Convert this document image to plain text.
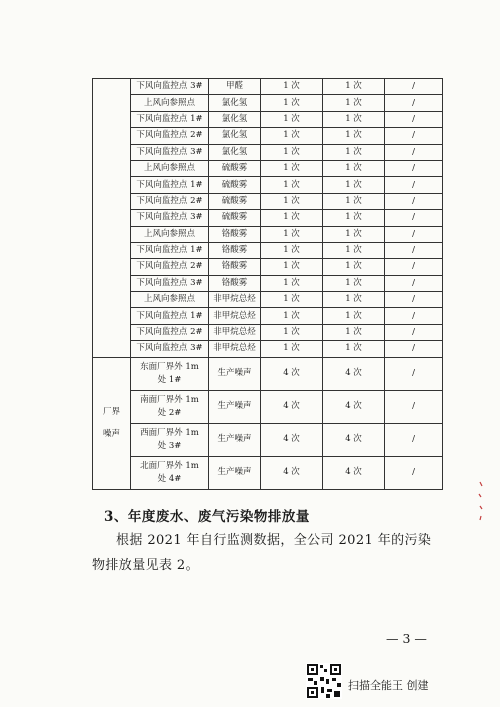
	下风向监控点 3#	甲醛	1 次	1 次	/
	上风向参照点	氯化氢	1 次	1 次	/
	下风向监控点 1#	氯化氢	1 次	1 次	/
	下风向监控点 2#	氯化氢	1 次	1 次	/
	下风向监控点 3#	氯化氢	1 次	1 次	/
	上风向参照点	硫酸雾	1 次	1 次	/
	下风向监控点 1#	硫酸雾	1 次	1 次	/
	下风向监控点 2#	硫酸雾	1 次	1 次	/
	下风向监控点 3#	硫酸雾	1 次	1 次	/
	上风向参照点	铬酸雾	1 次	1 次	/
	下风向监控点 1#	铬酸雾	1 次	1 次	/
	下风向监控点 2#	铬酸雾	1 次	1 次	/
	下风向监控点 3#	铬酸雾	1 次	1 次	/
	上风向参照点	非甲烷总烃	1 次	1 次	/
	下风向监控点 1#	非甲烷总烃	1 次	1 次	/
	下风向监控点 2#	非甲烷总烃	1 次	1 次	/
	下风向监控点 3#	非甲烷总烃	1 次	1 次	/
厂界噪声	东面厂界外 1m 处 1#	生产噪声	4 次	4 次	/
	南面厂界外 1m 处 2#	生产噪声	4 次	4 次	/
	西面厂界外 1m 处 3#	生产噪声	4 次	4 次	/
	北面厂界外 1m 处 4#	生产噪声	4 次	4 次	/
3、年度废水、废气污染物排放量
根据 2021 年自行监测数据，全公司 2021 年的污染物排放量见表 2。
— 3 —
扫描全能王 创建
